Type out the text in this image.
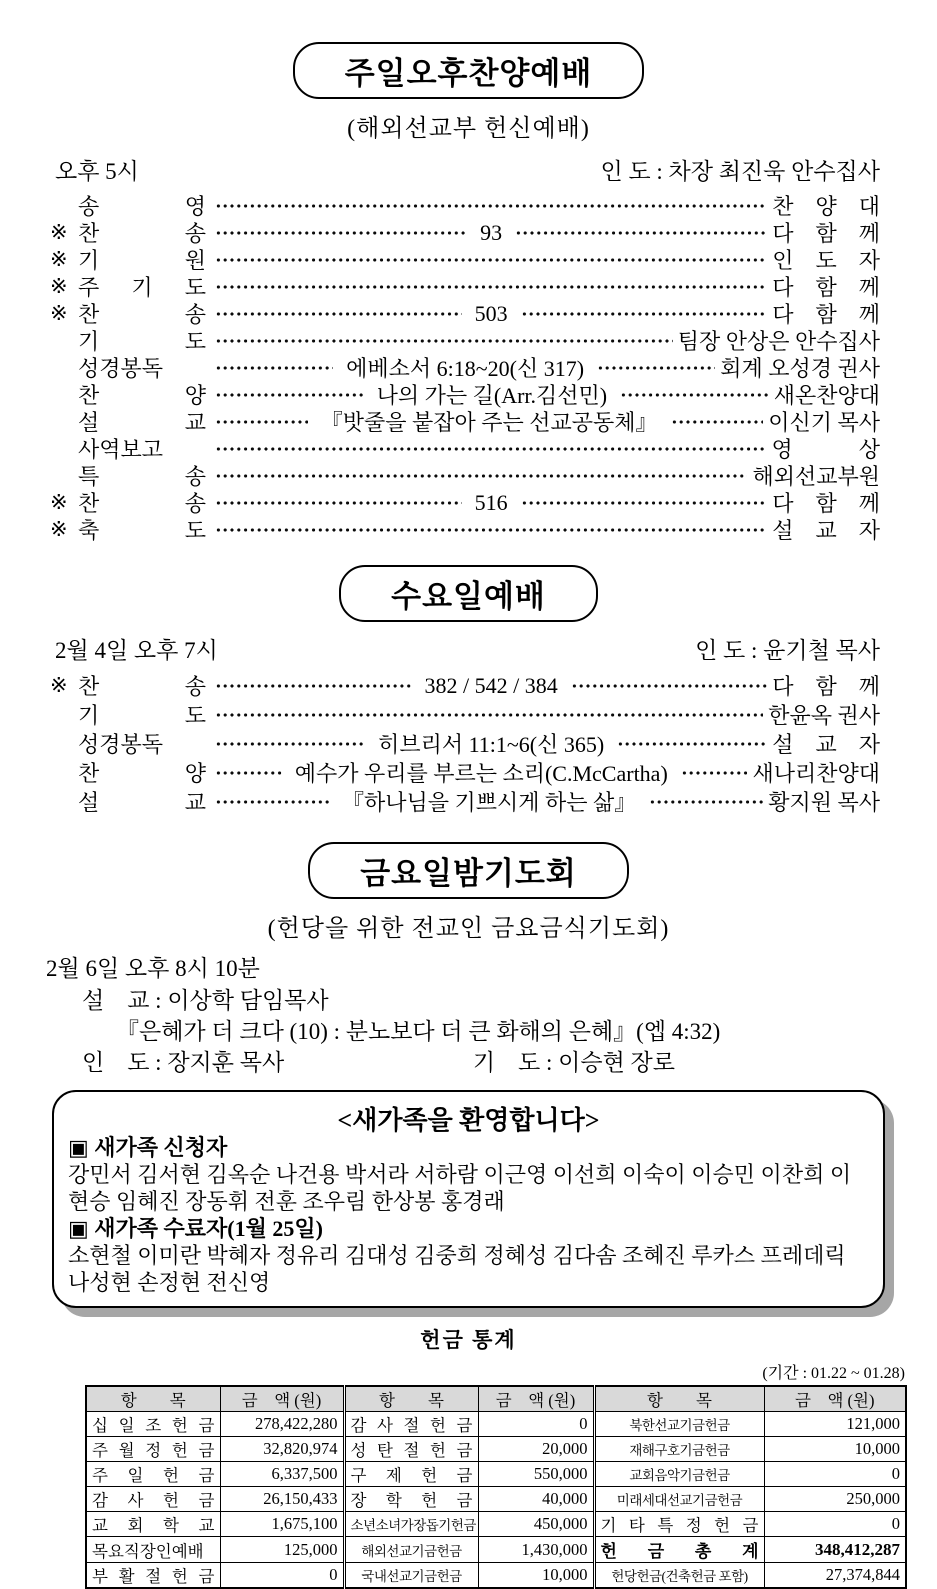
주일오후찬양예배
(해외선교부 헌신예배)
오후 5시	인 도 : 차장 최진욱 안수집사
송 영	찬　양　대
※ 찬 송	93	다　함　께
※ 기 원	인　도　자
※ 주 기 도	다　함　께
※ 찬 송	503	다　함　께
기 도	팀장 안상은 안수집사
성경봉독	에베소서 6:18~20(신 317)	회계 오성경 권사
찬 양	나의 가는 길(Arr.김선민)	새온찬양대
설 교	『밧줄을 붙잡아 주는 선교공동체』	이신기 목사
사역보고	영　　　상
특 송	해외선교부원
※ 찬 송	516	다　함　께
※ 축 도	설　교　자
수요일예배
2월 4일 오후 7시	인 도 : 윤기철 목사
※ 찬 송	382 / 542 / 384	다　함　께
기 도	한윤옥 권사
성경봉독	히브리서 11:1~6(신 365)	설　교　자
찬 양	예수가 우리를 부르는 소리(C.McCartha)	새나리찬양대
설 교	『하나님을 기쁘시게 하는 삶』	황지원 목사
금요일밤기도회
(헌당을 위한 전교인 금요금식기도회)
2월 6일 오후 8시 10분
설　교 : 이상학 담임목사
『은혜가 더 크다 (10) : 분노보다 더 큰 화해의 은혜』(엡 4:32)
인　도 : 장지훈 목사	기　도 : 이승현 장로
<새가족을 환영합니다>
▣ 새가족 신청자
강민서 김서현 김옥순 나건용 박서라 서하람 이근영 이선희 이숙이 이승민 이찬희 이현승 임혜진 장동휘 전훈 조우림 한상봉 홍경래
▣ 새가족 수료자(1월 25일)
소현철 이미란 박혜자 정유리 김대성 김중희 정혜성 김다솜 조혜진 루카스 프레데릭 나성현 손정현 전신영
헌금 통계
(기간 : 01.22 ~ 01.28)
항　　목	금　액 (원)	항　　목	금　액 (원)	항　　목	금　액 (원)
십 일 조 헌 금	278,422,280	감 사 절 헌 금	0	북한선교기금헌금	121,000
주 월 정 헌 금	32,820,974	성 탄 절 헌 금	20,000	재해구호기금헌금	10,000
주 일 헌 금	6,337,500	구 제 헌 금	550,000	교회음악기금헌금	0
감 사 헌 금	26,150,433	장 학 헌 금	40,000	미래세대선교기금헌금	250,000
교 회 학 교	1,675,100	소년소녀가장돕기헌금	450,000	기 타 특 정 헌 금	0
목요직장인예배	125,000	해외선교기금헌금	1,430,000	헌 금 총 계	348,412,287
부 활 절 헌 금	0	국내선교기금헌금	10,000	헌당헌금(건축헌금 포함)	27,374,844
